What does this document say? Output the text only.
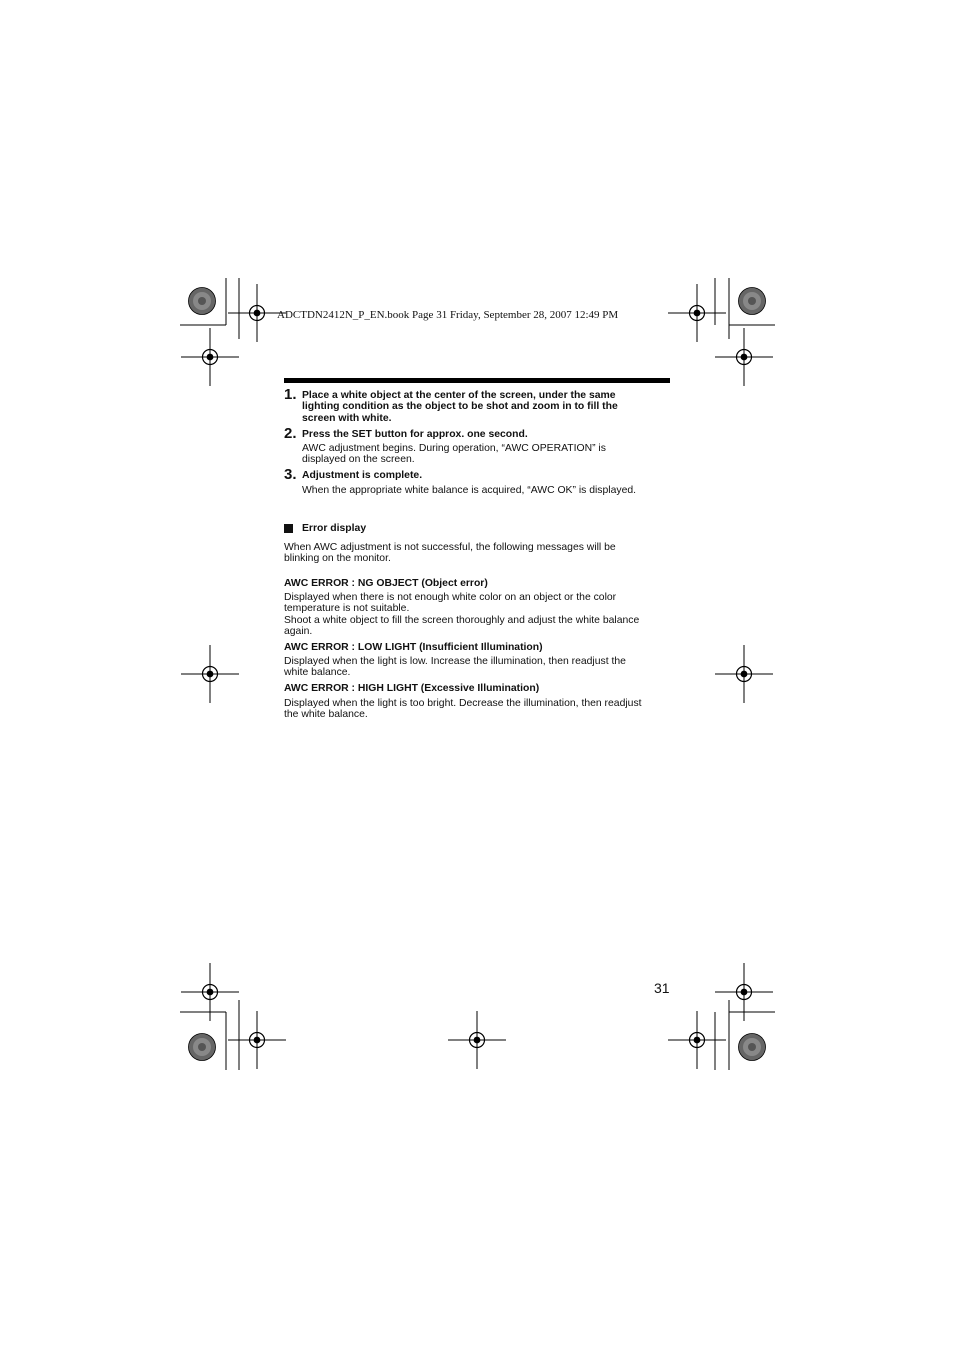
ADCTDN2412N_P_EN.book Page 31 Friday, September 28, 2007 12:49 PM
1. Place a white object at the center of the screen, under the same
lighting condition as the object to be shot and zoom in to fill the
screen with white.
2. Press the SET button for approx. one second.
AWC adjustment begins. During operation, “AWC OPERATION” is
displayed on the screen.
3. Adjustment is complete.
When the appropriate white balance is acquired, “AWC OK” is displayed.
Error display
When AWC adjustment is not successful, the following messages will be
blinking on the monitor.
AWC ERROR : NG OBJECT (Object error)
Displayed when there is not enough white color on an object or the color
temperature is not suitable.
Shoot a white object to fill the screen thoroughly and adjust the white balance
again.
AWC ERROR : LOW LIGHT (Insufficient Illumination)
Displayed when the light is low. Increase the illumination, then readjust the
white balance.
AWC ERROR : HIGH LIGHT (Excessive Illumination)
Displayed when the light is too bright. Decrease the illumination, then readjust
the white balance.
31
